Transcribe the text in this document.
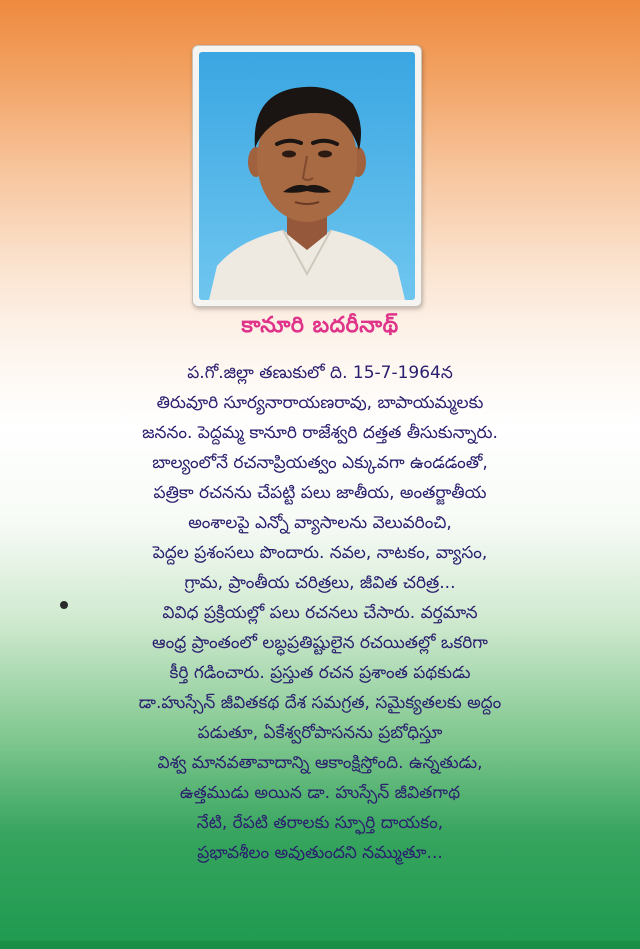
కానూరి బదరీనాథ్
ప.గో.జిల్లా తణుకులో ది. 15-7-1964న
తిరువూరి సూర్యనారాయణరావు, బాపాయమ్మలకు
జననం. పెద్దమ్మ కానూరి రాజేశ్వరి దత్తత తీసుకున్నారు.
బాల్యంలోనే రచనాప్రియత్వం ఎక్కువగా ఉండడంతో,
పత్రికా రచనను చేపట్టి పలు జాతీయ, అంతర్జాతీయ
అంశాలపై ఎన్నో వ్యాసాలను వెలువరించి,
పెద్దల ప్రశంసలు పొందారు. నవల, నాటకం, వ్యాసం,
గ్రామ, ప్రాంతీయ చరిత్రలు, జీవిత చరిత్ర...
వివిధ ప్రక్రియల్లో పలు రచనలు చేసారు. వర్తమాన
ఆంధ్ర ప్రాంతంలో లబ్ధప్రతిష్టులైన రచయితల్లో ఒకరిగా
కీర్తి గడించారు. ప్రస్తుత రచన ప్రశాంత పథకుడు
డా.హుస్సేన్ జీవితకథ దేశ సమగ్రత, సమైక్యతలకు అద్దం
పడుతూ, ఏకేశ్వరోపాసనను ప్రబోధిస్తూ
విశ్వ మానవతావాదాన్ని ఆకాంక్షిస్తోంది. ఉన్నతుడు,
ఉత్తముడు అయిన డా. హుస్సేన్ జీవితగాథ
నేటి, రేపటి తరాలకు స్ఫూర్తి దాయకం,
ప్రభావశీలం అవుతుందని నమ్ముతూ...
